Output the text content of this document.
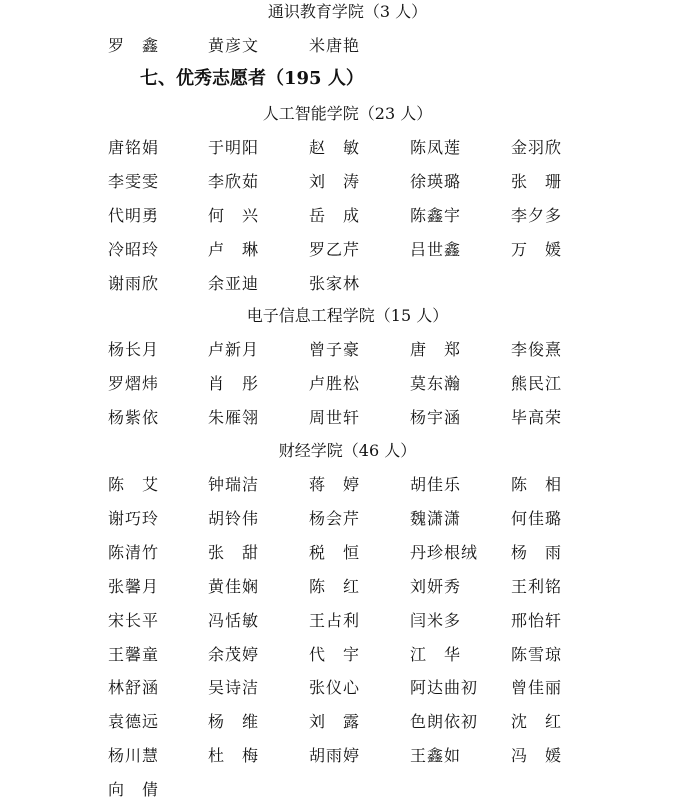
通识教育学院（3 人）
罗　鑫	黄彦文	米唐艳
七、优秀志愿者（195 人）
人工智能学院（23 人）
唐铭娟	于明阳	赵　敏	陈凤莲	金羽欣
李雯雯	李欣茹	刘　涛	徐瑛璐	张　珊
代明勇	何　兴	岳　成	陈鑫宇	李夕多
冷昭玲	卢　琳	罗乙芹	吕世鑫	万　媛
谢雨欣	余亚迪	张家林
电子信息工程学院（15 人）
杨长月	卢新月	曾子豪	唐　郑	李俊熹
罗熠炜	肖　彤	卢胜松	莫东瀚	熊民江
杨紫依	朱雁翎	周世轩	杨宇涵	毕高荣
财经学院（46 人）
陈　艾	钟瑞洁	蒋　婷	胡佳乐	陈　相
谢巧玲	胡铃伟	杨会芹	魏潇潇	何佳璐
陈清竹	张　甜	税　恒	丹珍根绒 杨　雨
张馨月	黄佳娴	陈　红	刘妍秀	王利铭
宋长平	冯恬敏	王占利	闫米多	邢怡轩
王馨童	余茂婷	代　宇	江　华	陈雪琼
林舒涵	吴诗洁	张仪心	阿达曲初 曾佳丽
袁德远	杨　维	刘　露	色朗依初 沈　红
杨川慧	杜　梅	胡雨婷	王鑫如	冯　媛
向　倩
